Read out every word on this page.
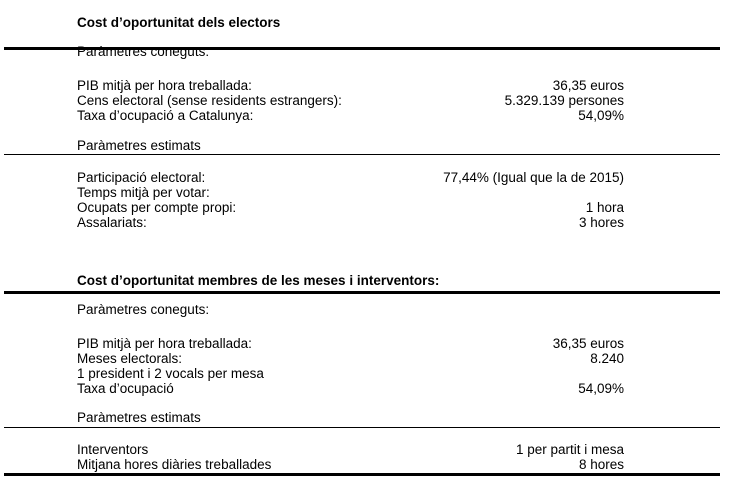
Cost d’oportunitat dels electors
Paràmetres coneguts:
PIB mitjà per hora treballada:	36,35 euros
Cens electoral (sense residents estrangers):	5.329.139 persones
Taxa d’ocupació a Catalunya:	54,09%
Paràmetres estimats
Participació electoral:	77,44% (Igual que la de 2015)
Temps mitjà per votar:
Ocupats per compte propi:	1 hora
Assalariats:	3 hores
Cost d’oportunitat membres de les meses i interventors:
Paràmetres coneguts:
PIB mitjà per hora treballada:	36,35 euros
Meses electorals:	8.240
1 president i 2 vocals per mesa
Taxa d’ocupació	54,09%
Paràmetres estimats
Interventors	1 per partit i mesa
Mitjana hores diàries treballades	8 hores
